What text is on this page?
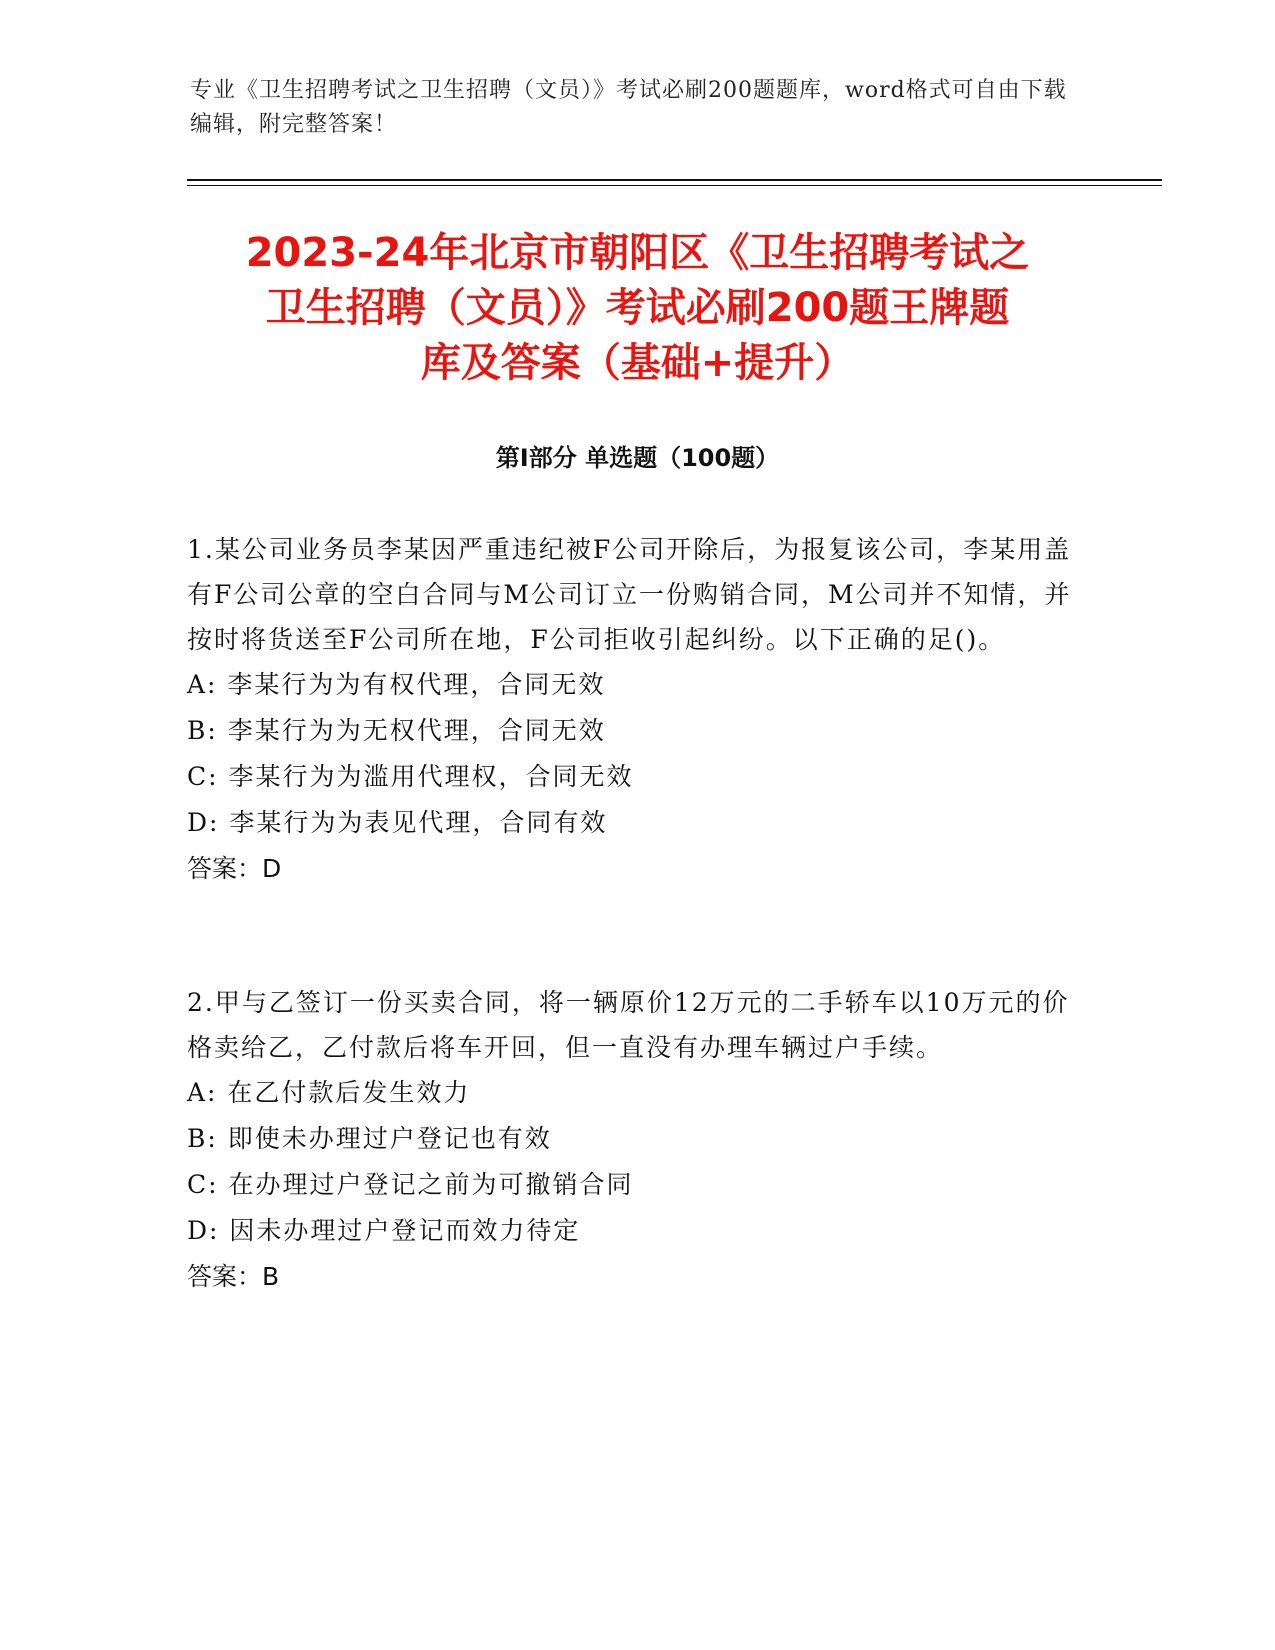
专业《卫生招聘考试之卫生招聘（文员）》考试必刷200题题库，word格式可自由下载编辑，附完整答案！
2023-24年北京市朝阳区《卫生招聘考试之
卫生招聘（文员）》考试必刷200题王牌题
库及答案（基础+提升）
第Ⅰ部分 单选题（100题）

1.某公司业务员李某因严重违纪被F公司开除后，为报复该公司，李某用盖有F公司公章的空白合同与M公司订立一份购销合同，M公司并不知情，并按时将货送至F公司所在地，F公司拒收引起纠纷。以下正确的足()。

A: 李某行为为有权代理，合同无效

B: 李某行为为无权代理，合同无效

C: 李某行为为滥用代理权，合同无效

D: 李某行为为表见代理，合同有效

答案：D

2.甲与乙签订一份买卖合同，将一辆原价12万元的二手轿车以10万元的价格卖给乙，乙付款后将车开回，但一直没有办理车辆过户手续。

A: 在乙付款后发生效力

B: 即使未办理过户登记也有效

C: 在办理过户登记之前为可撤销合同

D: 因未办理过户登记而效力待定

答案：B
